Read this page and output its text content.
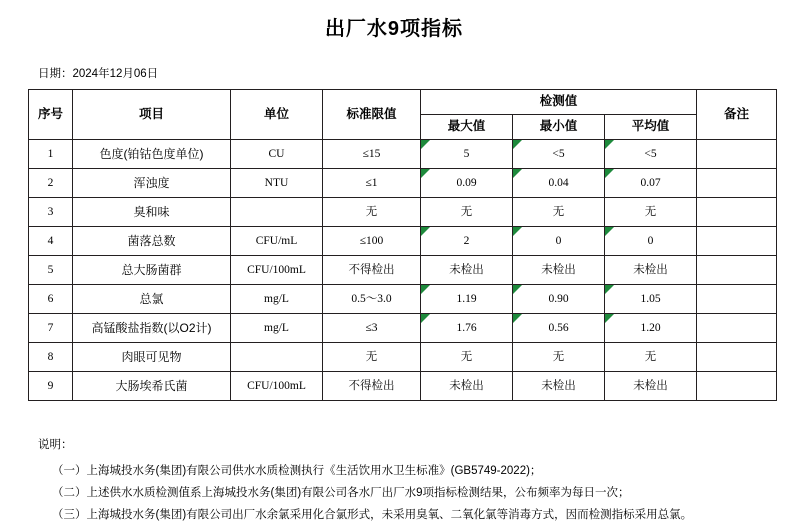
出厂水9项指标
日期：2024年12月06日
序号	项目	单位	标准限值	检测值			备注
				最大值	最小值	平均值	
1	色度(铂钴色度单位)	CU	≤15	5	<5	<5	
2	浑浊度	NTU	≤1	0.09	0.04	0.07	
3	臭和味		无	无	无	无	
4	菌落总数	CFU/mL	≤100	2	0	0	
5	总大肠菌群	CFU/100mL	不得检出	未检出	未检出	未检出	
6	总氯	mg/L	0.5～3.0	1.19	0.90	1.05	
7	高锰酸盐指数(以O2计)	mg/L	≤3	1.76	0.56	1.20	
8	肉眼可见物		无	无	无	无	
9	大肠埃希氏菌	CFU/100mL	不得检出	未检出	未检出	未检出	
说明：
（一）上海城投水务(集团)有限公司供水水质检测执行《生活饮用水卫生标准》(GB5749-2022)；
（二）上述供水水质检测值系上海城投水务(集团)有限公司各水厂出厂水9项指标检测结果，公布频率为每日一次；
（三）上海城投水务(集团)有限公司出厂水余氯采用化合氯形式，未采用臭氧、二氧化氯等消毒方式，因而检测指标采用总氯。
